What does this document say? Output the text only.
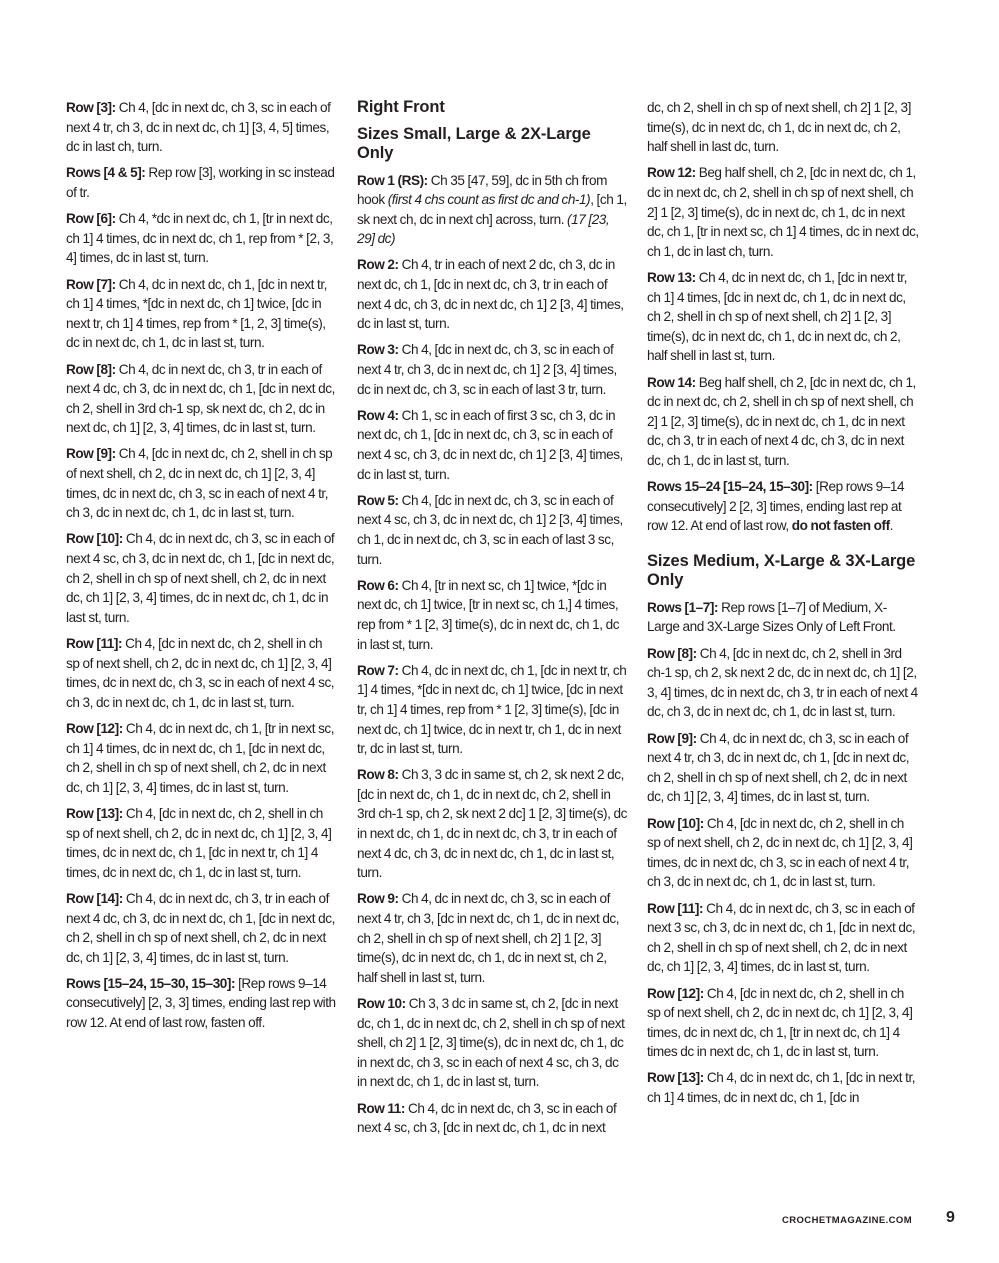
Row [3]: Ch 4, [dc in next dc, ch 3, sc in each of next 4 tr, ch 3, dc in next dc, ch 1] [3, 4, 5] times, dc in last ch, turn.

Rows [4 & 5]: Rep row [3], working in sc instead of tr.

Row [6]: Ch 4, *dc in next dc, ch 1, [tr in next dc, ch 1] 4 times, dc in next dc, ch 1, rep from * [2, 3, 4] times, dc in last st, turn.

Row [7]: Ch 4, dc in next dc, ch 1, [dc in next tr, ch 1] 4 times, *[dc in next dc, ch 1] twice, [dc in next tr, ch 1] 4 times, rep from * [1, 2, 3] time(s), dc in next dc, ch 1, dc in last st, turn.

Row [8]: Ch 4, dc in next dc, ch 3, tr in each of next 4 dc, ch 3, dc in next dc, ch 1, [dc in next dc, ch 2, shell in 3rd ch-1 sp, sk next dc, ch 2, dc in next dc, ch 1] [2, 3, 4] times, dc in last st, turn.

Row [9]: Ch 4, [dc in next dc, ch 2, shell in ch sp of next shell, ch 2, dc in next dc, ch 1] [2, 3, 4] times, dc in next dc, ch 3, sc in each of next 4 tr, ch 3, dc in next dc, ch 1, dc in last st, turn.

Row [10]: Ch 4, dc in next dc, ch 3, sc in each of next 4 sc, ch 3, dc in next dc, ch 1, [dc in next dc, ch 2, shell in ch sp of next shell, ch 2, dc in next dc, ch 1] [2, 3, 4] times, dc in next dc, ch 1, dc in last st, turn.

Row [11]: Ch 4, [dc in next dc, ch 2, shell in ch sp of next shell, ch 2, dc in next dc, ch 1] [2, 3, 4] times, dc in next dc, ch 3, sc in each of next 4 sc, ch 3, dc in next dc, ch 1, dc in last st, turn.

Row [12]: Ch 4, dc in next dc, ch 1, [tr in next sc, ch 1] 4 times, dc in next dc, ch 1, [dc in next dc, ch 2, shell in ch sp of next shell, ch 2, dc in next dc, ch 1] [2, 3, 4] times, dc in last st, turn.

Row [13]: Ch 4, [dc in next dc, ch 2, shell in ch sp of next shell, ch 2, dc in next dc, ch 1] [2, 3, 4] times, dc in next dc, ch 1, [dc in next tr, ch 1] 4 times, dc in next dc, ch 1, dc in last st, turn.

Row [14]: Ch 4, dc in next dc, ch 3, tr in each of next 4 dc, ch 3, dc in next dc, ch 1, [dc in next dc, ch 2, shell in ch sp of next shell, ch 2, dc in next dc, ch 1] [2, 3, 4] times, dc in last st, turn.

Rows [15–24, 15–30, 15–30]: [Rep rows 9–14 consecutively] [2, 3, 3] times, ending last rep with row 12. At end of last row, fasten off.

Right Front
Sizes Small, Large & 2X-Large Only

Row 1 (RS): Ch 35 [47, 59], dc in 5th ch from hook (first 4 chs count as first dc and ch-1), [ch 1, sk next ch, dc in next ch] across, turn. (17 [23, 29] dc)

Row 2: Ch 4, tr in each of next 2 dc, ch 3, dc in next dc, ch 1, [dc in next dc, ch 3, tr in each of next 4 dc, ch 3, dc in next dc, ch 1] 2 [3, 4] times, dc in last st, turn.

Row 3: Ch 4, [dc in next dc, ch 3, sc in each of next 4 tr, ch 3, dc in next dc, ch 1] 2 [3, 4] times, dc in next dc, ch 3, sc in each of last 3 tr, turn.

Row 4: Ch 1, sc in each of first 3 sc, ch 3, dc in next dc, ch 1, [dc in next dc, ch 3, sc in each of next 4 sc, ch 3, dc in next dc, ch 1] 2 [3, 4] times, dc in last st, turn.

Row 5: Ch 4, [dc in next dc, ch 3, sc in each of next 4 sc, ch 3, dc in next dc, ch 1] 2 [3, 4] times, ch 1, dc in next dc, ch 3, sc in each of last 3 sc, turn.

Row 6: Ch 4, [tr in next sc, ch 1] twice, *[dc in next dc, ch 1] twice, [tr in next sc, ch 1,] 4 times, rep from * 1 [2, 3] time(s), dc in next dc, ch 1, dc in last st, turn.

Row 7: Ch 4, dc in next dc, ch 1, [dc in next tr, ch 1] 4 times, *[dc in next dc, ch 1] twice, [dc in next tr, ch 1] 4 times, rep from * 1 [2, 3] time(s), [dc in next dc, ch 1] twice, dc in next tr, ch 1, dc in next tr, dc in last st, turn.

Row 8: Ch 3, 3 dc in same st, ch 2, sk next 2 dc, [dc in next dc, ch 1, dc in next dc, ch 2, shell in 3rd ch-1 sp, ch 2, sk next 2 dc] 1 [2, 3] time(s), dc in next dc, ch 1, dc in next dc, ch 3, tr in each of next 4 dc, ch 3, dc in next dc, ch 1, dc in last st, turn.

Row 9: Ch 4, dc in next dc, ch 3, sc in each of next 4 tr, ch 3, [dc in next dc, ch 1, dc in next dc, ch 2, shell in ch sp of next shell, ch 2] 1 [2, 3] time(s), dc in next dc, ch 1, dc in next st, ch 2, half shell in last st, turn.

Row 10: Ch 3, 3 dc in same st, ch 2, [dc in next dc, ch 1, dc in next dc, ch 2, shell in ch sp of next shell, ch 2] 1 [2, 3] time(s), dc in next dc, ch 1, dc in next dc, ch 3, sc in each of next 4 sc, ch 3, dc in next dc, ch 1, dc in last st, turn.

Row 11: Ch 4, dc in next dc, ch 3, sc in each of next 4 sc, ch 3, [dc in next dc, ch 1, dc in next

dc, ch 2, shell in ch sp of next shell, ch 2] 1 [2, 3] time(s), dc in next dc, ch 1, dc in next dc, ch 2, half shell in last dc, turn.

Row 12: Beg half shell, ch 2, [dc in next dc, ch 1, dc in next dc, ch 2, shell in ch sp of next shell, ch 2] 1 [2, 3] time(s), dc in next dc, ch 1, dc in next dc, ch 1, [tr in next sc, ch 1] 4 times, dc in next dc, ch 1, dc in last ch, turn.

Row 13: Ch 4, dc in next dc, ch 1, [dc in next tr, ch 1] 4 times, [dc in next dc, ch 1, dc in next dc, ch 2, shell in ch sp of next shell, ch 2] 1 [2, 3] time(s), dc in next dc, ch 1, dc in next dc, ch 2, half shell in last st, turn.

Row 14: Beg half shell, ch 2, [dc in next dc, ch 1, dc in next dc, ch 2, shell in ch sp of next shell, ch 2] 1 [2, 3] time(s), dc in next dc, ch 1, dc in next dc, ch 3, tr in each of next 4 dc, ch 3, dc in next dc, ch 1, dc in last st, turn.

Rows 15–24 [15–24, 15–30]: [Rep rows 9–14 consecutively] 2 [2, 3] times, ending last rep at row 12. At end of last row, do not fasten off.

Sizes Medium, X-Large & 3X-Large Only

Rows [1–7]: Rep rows [1–7] of Medium, X-Large and 3X-Large Sizes Only of Left Front.

Row [8]: Ch 4, [dc in next dc, ch 2, shell in 3rd ch-1 sp, ch 2, sk next 2 dc, dc in next dc, ch 1] [2, 3, 4] times, dc in next dc, ch 3, tr in each of next 4 dc, ch 3, dc in next dc, ch 1, dc in last st, turn.

Row [9]: Ch 4, dc in next dc, ch 3, sc in each of next 4 tr, ch 3, dc in next dc, ch 1, [dc in next dc, ch 2, shell in ch sp of next shell, ch 2, dc in next dc, ch 1] [2, 3, 4] times, dc in last st, turn.

Row [10]: Ch 4, [dc in next dc, ch 2, shell in ch sp of next shell, ch 2, dc in next dc, ch 1] [2, 3, 4] times, dc in next dc, ch 3, sc in each of next 4 tr, ch 3, dc in next dc, ch 1, dc in last st, turn.

Row [11]: Ch 4, dc in next dc, ch 3, sc in each of next 3 sc, ch 3, dc in next dc, ch 1, [dc in next dc, ch 2, shell in ch sp of next shell, ch 2, dc in next dc, ch 1] [2, 3, 4] times, dc in last st, turn.

Row [12]: Ch 4, [dc in next dc, ch 2, shell in ch sp of next shell, ch 2, dc in next dc, ch 1] [2, 3, 4] times, dc in next dc, ch 1, [tr in next dc, ch 1] 4 times dc in next dc, ch 1, dc in last st, turn.

Row [13]: Ch 4, dc in next dc, ch 1, [dc in next tr, ch 1] 4 times, dc in next dc, ch 1, [dc in

CROCHETMAGAZINE.COM 9
